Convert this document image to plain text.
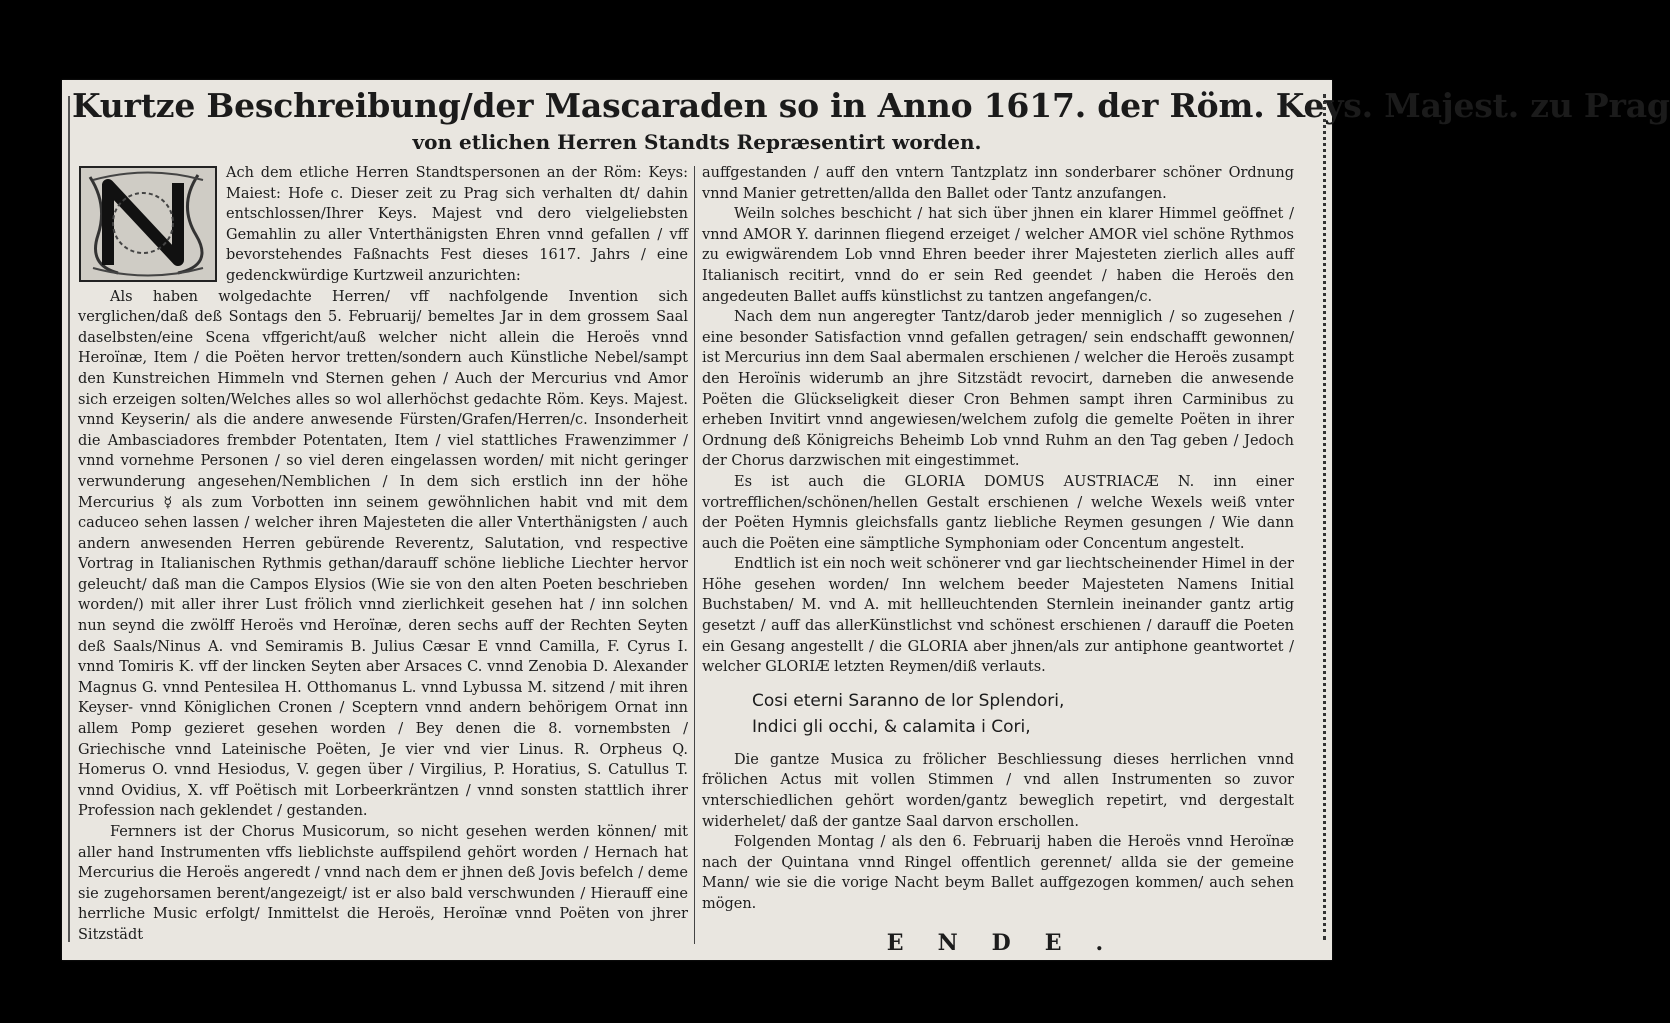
Kurtze Beschreibung/der Mascaraden so in Anno 1617. der Röm. Keys. Majest. zu Prag
von etlichen Herren Standts Repræsentirt worden.

Ach dem etliche Herren Standtspersonen an der Röm: Keys: Maiest: Hofe c. Dieser zeit zu Prag sich verhalten dt/ dahin entschlossen/Ihrer Keys. Majest vnd dero vielgeliebsten Gemahlin zu aller Vnterthänigsten Ehren vnnd gefallen / vff bevorstehendes Faßnachts Fest dieses 1617. Jahrs / eine gedenckwürdige Kurtzweil anzurichten:

Als haben wolgedachte Herren/ vff nachfolgende Invention sich verglichen/daß deß Sontags den 5. Februarij/ bemeltes Jar in dem grossem Saal daselbsten/eine Scena vffgericht/auß welcher nicht allein die Heroës vnnd Heroïnæ, Item / die Poëten hervor tretten/sondern auch Künstliche Nebel/sampt den Kunstreichen Himmeln vnd Sternen gehen / Auch der Mercurius vnd Amor sich erzeigen solten/Welches alles so wol allerhöchst gedachte Röm. Keys. Majest. vnnd Keyserin/ als die andere anwesende Fürsten/Grafen/Herren/c. Insonderheit die Ambasciadores frembder Potentaten, Item / viel stattliches Frawenzimmer / vnnd vornehme Personen / so viel deren eingelassen worden/ mit nicht geringer verwunderung angesehen/Nemblichen / In dem sich erstlich inn der höhe Mercurius ☿ als zum Vorbotten inn seinem gewöhnlichen habit vnd mit dem caduceo sehen lassen / welcher ihren Majesteten die aller Vnterthänigsten / auch andern anwesenden Herren gebürende Reverentz, Salutation, vnd respective Vortrag in Italianischen Rythmis gethan/darauff schöne liebliche Liechter hervor geleucht/ daß man die Campos Elysios (Wie sie von den alten Poeten beschrieben worden/) mit aller ihrer Lust frölich vnnd zierlichkeit gesehen hat / inn solchen nun seynd die zwölff Heroës vnd Heroïnæ, deren sechs auff der Rechten Seyten deß Saals/Ninus A. vnd Semiramis B. Julius Cæsar E vnnd Camilla, F. Cyrus I. vnnd Tomiris K. vff der lincken Seyten aber Arsaces C. vnnd Zenobia D. Alexander Magnus G. vnnd Pentesilea H. Otthomanus L. vnnd Lybussa M. sitzend / mit ihren Keyser- vnnd Königlichen Cronen / Sceptern vnnd andern behörigem Ornat inn allem Pomp gezieret gesehen worden / Bey denen die 8. vornembsten / Griechische vnnd Lateinische Poëten, Je vier vnd vier Linus. R. Orpheus Q. Homerus O. vnnd Hesiodus, V. gegen über / Virgilius, P. Horatius, S. Catullus T. vnnd Ovidius, X. vff Poëtisch mit Lorbeerkräntzen / vnnd sonsten stattlich ihrer Profession nach geklendet / gestanden.

Fernners ist der Chorus Musicorum, so nicht gesehen werden können/ mit aller hand Instrumenten vffs lieblichste auffspilend gehört worden / Hernach hat Mercurius die Heroës angeredt / vnnd nach dem er jhnen deß Jovis befelch / deme sie zugehorsamen berent/angezeigt/ ist er also bald verschwunden / Hierauff eine herrliche Music erfolgt/ Inmittelst die Heroës, Heroïnæ vnnd Poëten von jhrer Sitzstädt

auffgestanden / auff den vntern Tantzplatz inn sonderbarer schöner Ordnung vnnd Manier getretten/allda den Ballet oder Tantz anzufangen.

Weiln solches beschicht / hat sich über jhnen ein klarer Himmel geöffnet / vnnd AMOR Y. darinnen fliegend erzeiget / welcher AMOR viel schöne Rythmos zu ewigwärendem Lob vnnd Ehren beeder ihrer Majesteten zierlich alles auff Italianisch recitirt, vnnd do er sein Red geendet / haben die Heroës den angedeuten Ballet auffs künstlichst zu tantzen angefangen/c.

Nach dem nun angeregter Tantz/darob jeder menniglich / so zugesehen / eine besonder Satisfaction vnnd gefallen getragen/ sein endschafft gewonnen/ ist Mercurius inn dem Saal abermalen erschienen / welcher die Heroës zusampt den Heroïnis widerumb an jhre Sitzstädt revocirt, darneben die anwesende Poëten die Glückseligkeit dieser Cron Behmen sampt ihren Carminibus zu erheben Invitirt vnnd angewiesen/welchem zufolg die gemelte Poëten in ihrer Ordnung deß Königreichs Beheimb Lob vnnd Ruhm an den Tag geben / Jedoch der Chorus darzwischen mit eingestimmet.

Es ist auch die GLORIA DOMUS AUSTRIACÆ N. inn einer vortrefflichen/schönen/hellen Gestalt erschienen / welche Wexels weiß vnter der Poëten Hymnis gleichsfalls gantz liebliche Reymen gesungen / Wie dann auch die Poëten eine sämptliche Symphoniam oder Concentum angestelt.

Endtlich ist ein noch weit schönerer vnd gar liechtscheinender Himel in der Höhe gesehen worden/ Inn welchem beeder Majesteten Namens Initial Buchstaben/ M. vnd A. mit hellleuchtenden Sternlein ineinander gantz artig gesetzt / auff das allerKünstlichst vnd schönest erschienen / darauff die Poeten ein Gesang angestellt / die GLORIA aber jhnen/als zur antiphone geantwortet / welcher GLORIÆ letzten Reymen/diß verlauts.

Cosi eterni Saranno de lor Splendori,
Indici gli occhi, & calamita i Cori,

Die gantze Musica zu frölicher Beschliessung dieses herrlichen vnnd frölichen Actus mit vollen Stimmen / vnd allen Instrumenten so zuvor vnterschiedlichen gehört worden/gantz beweglich repetirt, vnd dergestalt widerhelet/ daß der gantze Saal darvon erschollen.

Folgenden Montag / als den 6. Februarij haben die Heroës vnnd Heroïnæ nach der Quintana vnnd Ringel offentlich gerennet/ allda sie der gemeine Mann/ wie sie die vorige Nacht beym Ballet auffgezogen kommen/ auch sehen mögen.

ENDE.
